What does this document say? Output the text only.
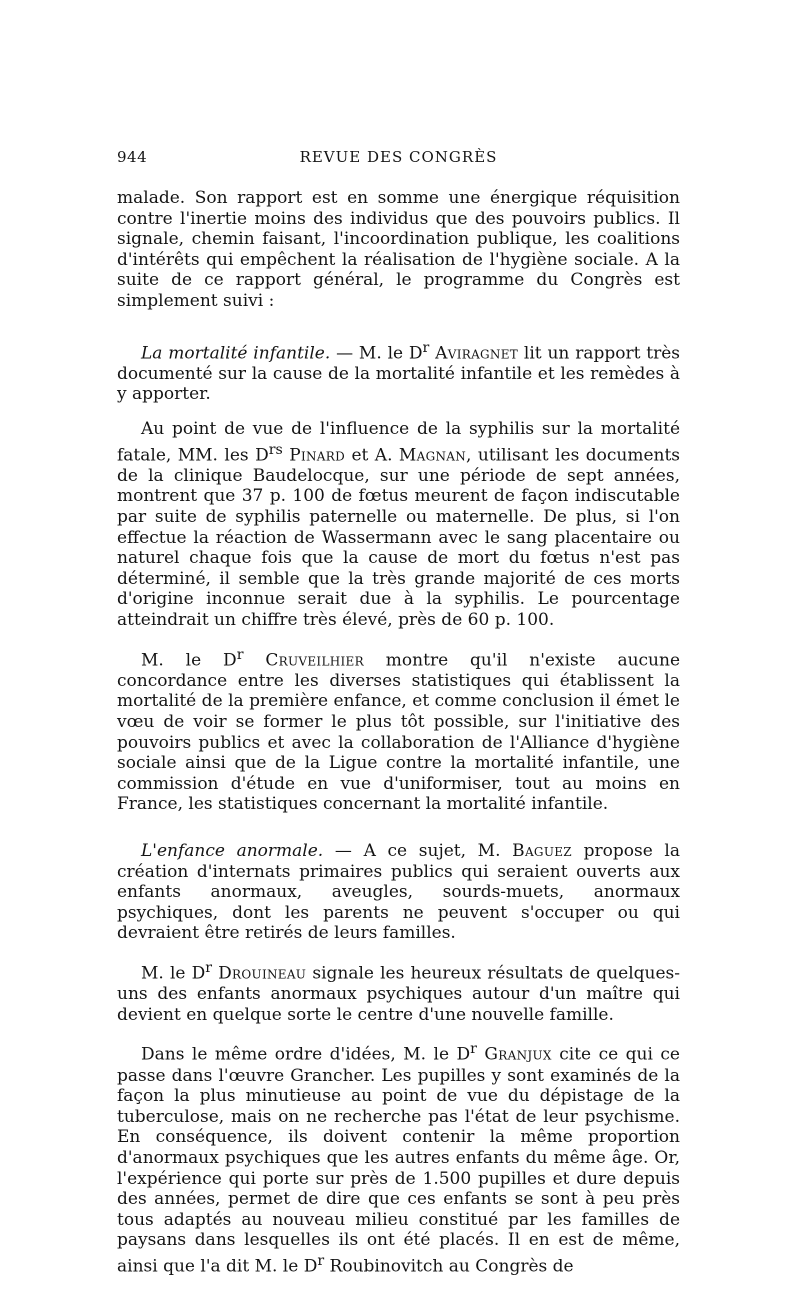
944	REVUE DES CONGRÈS

malade. Son rapport est en somme une énergique réquisition contre l'inertie moins des individus que des pouvoirs publics. Il signale, chemin faisant, l'incoordination publique, les coalitions d'intérêts qui empêchent la réalisation de l'hygiène sociale. A la suite de ce rapport général, le programme du Congrès est simplement suivi :

La mortalité infantile. — M. le $D^r$ Aviragnet lit un rapport très documenté sur la cause de la mortalité infantile et les remèdes à y apporter.

Au point de vue de l'influence de la syphilis sur la mortalité fatale, MM. les $D^{rs}$ Pinard et A. Magnan, utilisant les documents de la clinique Baudelocque, sur une période de sept années, montrent que 37 p. 100 de fœtus meurent de façon indiscutable par suite de syphilis paternelle ou maternelle. De plus, si l'on effectue la réaction de Wassermann avec le sang placentaire ou naturel chaque fois que la cause de mort du fœtus n'est pas déterminé, il semble que la très grande majorité de ces morts d'origine inconnue serait due à la syphilis. Le pourcentage atteindrait un chiffre très élevé, près de 60 p. 100.

M. le $D^r$ Cruveilhier montre qu'il n'existe aucune concordance entre les diverses statistiques qui établissent la mortalité de la première enfance, et comme conclusion il émet le vœu de voir se former le plus tôt possible, sur l'initiative des pouvoirs publics et avec la collaboration de l'Alliance d'hygiène sociale ainsi que de la Ligue contre la mortalité infantile, une commission d'étude en vue d'uniformiser, tout au moins en France, les statistiques concernant la mortalité infantile.

L'enfance anormale. — A ce sujet, M. Baguez propose la création d'internats primaires publics qui seraient ouverts aux enfants anormaux, aveugles, sourds-muets, anormaux psychiques, dont les parents ne peuvent s'occuper ou qui devraient être retirés de leurs familles.

M. le $D^r$ Drouineau signale les heureux résultats de quelques-uns des enfants anormaux psychiques autour d'un maître qui devient en quelque sorte le centre d'une nouvelle famille.

Dans le même ordre d'idées, M. le $D^r$ Granjux cite ce qui ce passe dans l'œuvre Grancher. Les pupilles y sont examinés de la façon la plus minutieuse au point de vue du dépistage de la tuberculose, mais on ne recherche pas l'état de leur psychisme. En conséquence, ils doivent contenir la même proportion d'anormaux psychiques que les autres enfants du même âge. Or, l'expérience qui porte sur près de 1.500 pupilles et dure depuis des années, permet de dire que ces enfants se sont à peu près tous adaptés au nouveau milieu constitué par les familles de paysans dans lesquelles ils ont été placés. Il en est de même, ainsi que l'a dit M. le $D^r$ Roubinovitch au Congrès de
